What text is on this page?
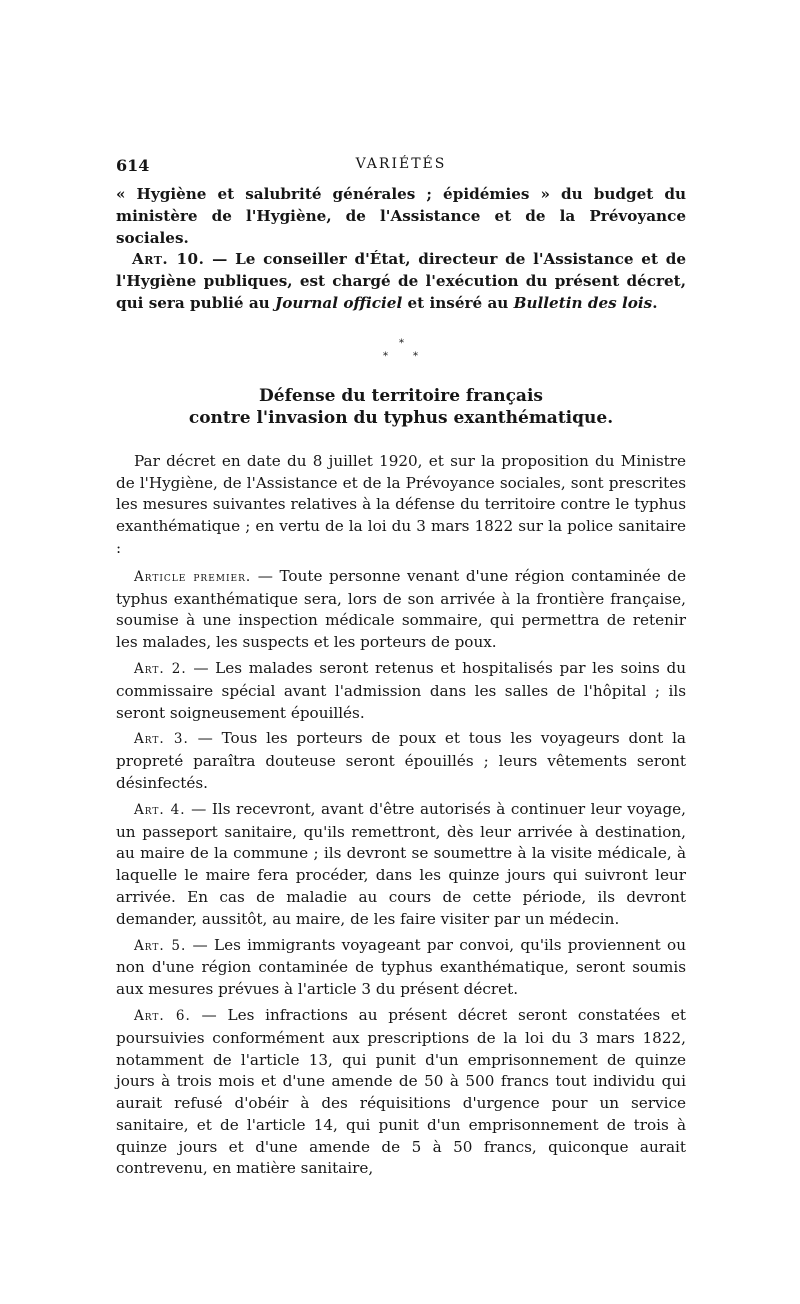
614	VARIÉTÉS

« Hygiène et salubrité générales ; épidémies » du budget du ministère de l'Hygiène, de l'Assistance et de la Prévoyance sociales.

Art. 10. — Le conseiller d'État, directeur de l'Assistance et de l'Hygiène publiques, est chargé de l'exécution du présent décret, qui sera publié au Journal officiel et inséré au Bulletin des lois.

*
*	*
Défense du territoire français
contre l'invasion du typhus exanthématique.

Par décret en date du 8 juillet 1920, et sur la proposition du Ministre de l'Hygiène, de l'Assistance et de la Prévoyance sociales, sont prescrites les mesures suivantes relatives à la défense du territoire contre le typhus exanthématique ; en vertu de la loi du 3 mars 1822 sur la police sanitaire :

Article premier. — Toute personne venant d'une région contaminée de typhus exanthématique sera, lors de son arrivée à la frontière française, soumise à une inspection médicale sommaire, qui permettra de retenir les malades, les suspects et les porteurs de poux.

Art. 2. — Les malades seront retenus et hospitalisés par les soins du commissaire spécial avant l'admission dans les salles de l'hôpital ; ils seront soigneusement épouillés.

Art. 3. — Tous les porteurs de poux et tous les voyageurs dont la propreté paraîtra douteuse seront épouillés ; leurs vêtements seront désinfectés.

Art. 4. — Ils recevront, avant d'être autorisés à continuer leur voyage, un passeport sanitaire, qu'ils remettront, dès leur arrivée à destination, au maire de la commune ; ils devront se soumettre à la visite médicale, à laquelle le maire fera procéder, dans les quinze jours qui suivront leur arrivée. En cas de maladie au cours de cette période, ils devront demander, aussitôt, au maire, de les faire visiter par un médecin.

Art. 5. — Les immigrants voyageant par convoi, qu'ils proviennent ou non d'une région contaminée de typhus exanthématique, seront soumis aux mesures prévues à l'article 3 du présent décret.

Art. 6. — Les infractions au présent décret seront constatées et poursuivies conformément aux prescriptions de la loi du 3 mars 1822, notamment de l'article 13, qui punit d'un emprisonnement de quinze jours à trois mois et d'une amende de 50 à 500 francs tout individu qui aurait refusé d'obéir à des réquisitions d'urgence pour un service sanitaire, et de l'article 14, qui punit d'un emprisonnement de trois à quinze jours et d'une amende de 5 à 50 francs, quiconque aurait contrevenu, en matière sanitaire,
